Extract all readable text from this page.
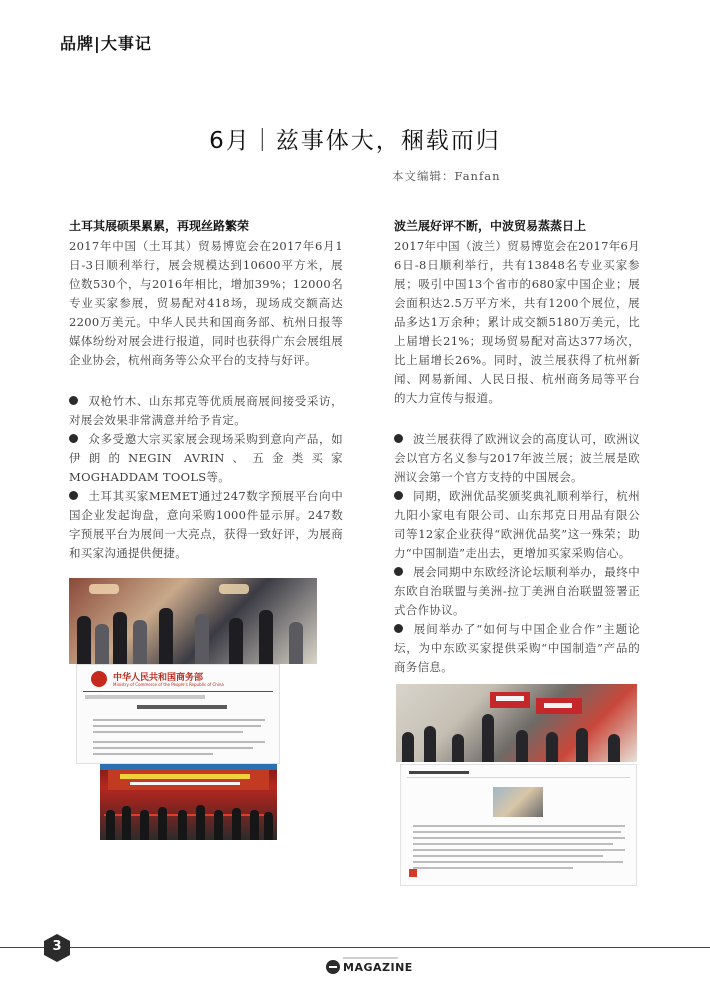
品牌|大事记
6月｜兹事体大，稛载而归
本文编辑：Fanfan
土耳其展硕果累累，再现丝路繁荣
2017年中国（土耳其）贸易博览会在2017年6月1日-3日顺利举行，展会规模达到10600平方米，展位数530个，与2016年相比，增加39%；12000名专业买家参展，贸易配对418场，现场成交额高达2200万美元。中华人民共和国商务部、杭州日报等媒体纷纷对展会进行报道，同时也获得广东会展组展企业协会，杭州商务等公众平台的支持与好评。
双枪竹木、山东邦克等优质展商展间接受采访，对展会效果非常满意并给予肯定。
众多受邀大宗买家展会现场采购到意向产品，如伊朗的NEGIN AVRIN、五金类买家MOGHADDAM TOOLS等。
土耳其买家MEMET通过247数字预展平台向中国企业发起询盘，意向采购1000件显示屏。247数字预展平台为展间一大亮点，获得一致好评，为展商和买家沟通提供便捷。
中华人民共和国商务部
Ministry of Commerce of the People's Republic of China
波兰展好评不断，中波贸易蒸蒸日上
2017年中国（波兰）贸易博览会在2017年6月6日-8日顺利举行，共有13848名专业买家参展；吸引中国13个省市的680家中国企业；展会面积达2.5万平方米，共有1200个展位，展品多达1万余种；累计成交额5180万美元，比上届增长21%；现场贸易配对高达377场次，比上届增长26%。同时，波兰展获得了杭州新闻、网易新闻、人民日报、杭州商务局等平台的大力宣传与报道。
波兰展获得了欧洲议会的高度认可，欧洲议会以官方名义参与2017年波兰展；波兰展是欧洲议会第一个官方支持的中国展会。
同期，欧洲优品奖颁奖典礼顺利举行，杭州九阳小家电有限公司、山东邦克日用品有限公司等12家企业获得“欧洲优品奖”这一殊荣；助力“中国制造”走出去，更增加买家采购信心。
展会同期中东欧经济论坛顺利举办，最终中东欧自治联盟与美洲-拉丁美洲自治联盟签署正式合作协议。
展间举办了“如何与中国企业合作”主题论坛，为中东欧买家提供采购“中国制造”产品的商务信息。
3
MAGAZINE
